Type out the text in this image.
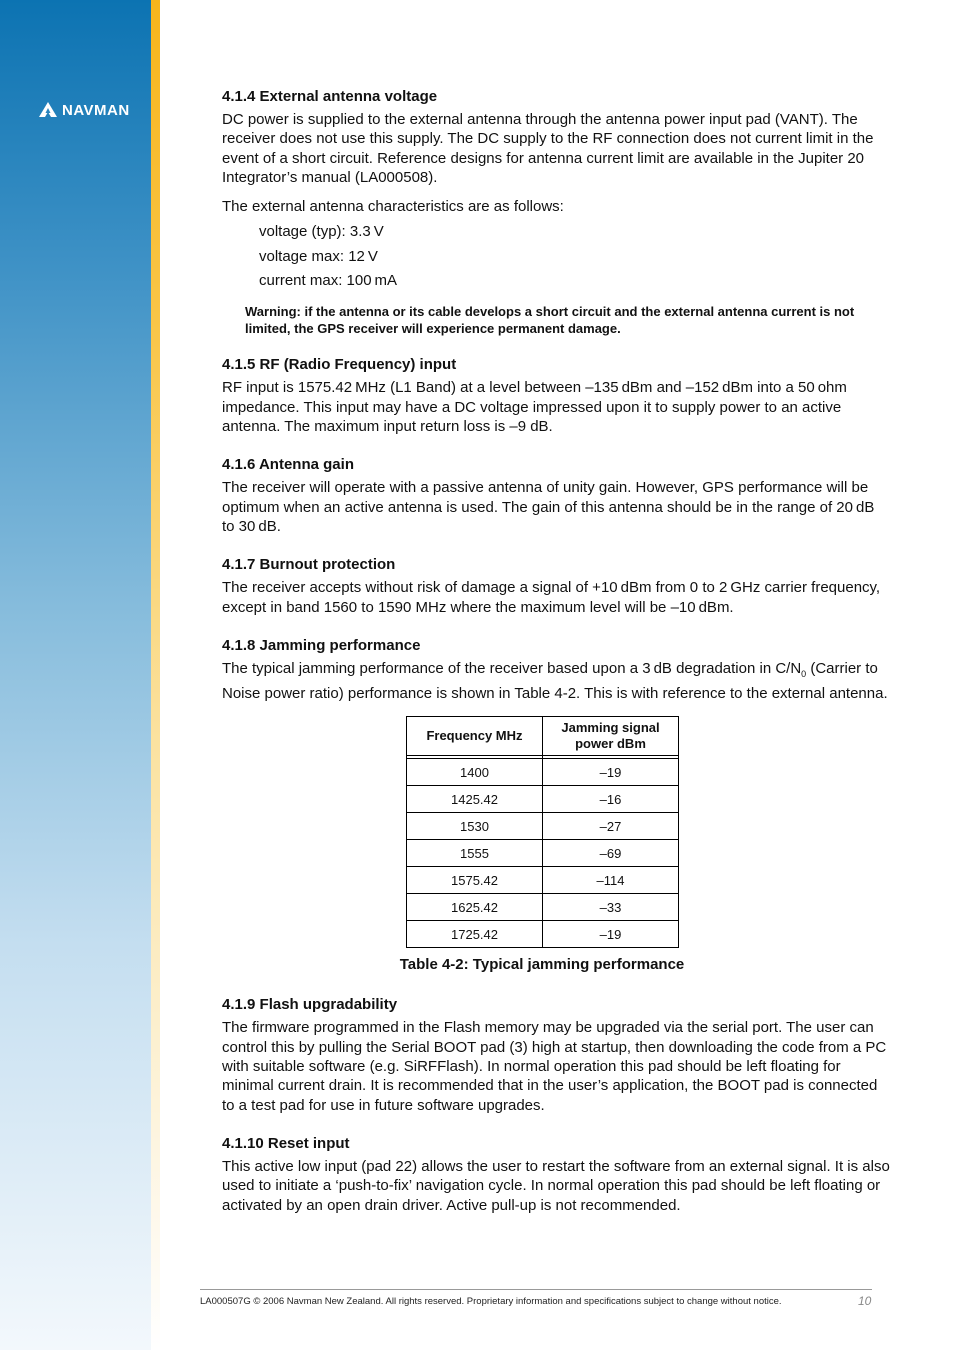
NAVMAN
4.1.4 External antenna voltage

DC power is supplied to the external antenna through the antenna power input pad (VANT). The receiver does not use this supply. The DC supply to the RF connection does not current limit in the event of a short circuit. Reference designs for antenna current limit are available in the Jupiter 20 Integrator’s manual (LA000508).

The external antenna characteristics are as follows:

voltage (typ): 3.3 V
voltage max: 12 V
current max: 100 mA
Warning: if the antenna or its cable develops a short circuit and the external antenna current is not limited, the GPS receiver will experience permanent damage.
4.1.5 RF (Radio Frequency) input

RF input is 1575.42 MHz (L1 Band) at a level between –135 dBm and –152 dBm into a 50 ohm impedance. This input may have a DC voltage impressed upon it to supply power to an active antenna. The maximum input return loss is –9 dB.

4.1.6 Antenna gain

The receiver will operate with a passive antenna of unity gain. However, GPS performance will be optimum when an active antenna is used. The gain of this antenna should be in the range of 20 dB to 30 dB.

4.1.7 Burnout protection

The receiver accepts without risk of damage a signal of +10 dBm from 0 to 2 GHz carrier frequency, except in band 1560 to 1590 MHz where the maximum level will be –10 dBm.

4.1.8 Jamming performance

The typical jamming performance of the receiver based upon a 3 dB degradation in $C/N_0$ (Carrier to Noise power ratio) performance is shown in Table 4-2. This is with reference to the external antenna.

Frequency MHz	Jamming signal power dBm

1400	–19
1425.42	–16
1530	–27
1555	–69
1575.42	–114
1625.42	–33
1725.42	–19
Table 4-2: Typical jamming performance
4.1.9 Flash upgradability

The firmware programmed in the Flash memory may be upgraded via the serial port. The user can control this by pulling the Serial BOOT pad (3) high at startup, then downloading the code from a PC with suitable software (e.g. SiRFFlash). In normal operation this pad should be left floating for minimal current drain. It is recommended that in the user’s application, the BOOT pad is connected to a test pad for use in future software upgrades.

4.1.10 Reset input

This active low input (pad 22) allows the user to restart the software from an external signal. It is also used to initiate a ‘push-to-fix’ navigation cycle. In normal operation this pad should be left floating or activated by an open drain driver. Active pull-up is not recommended.

LA000507G © 2006 Navman New Zealand. All rights reserved. Proprietary information and specifications subject to change without notice.	10
